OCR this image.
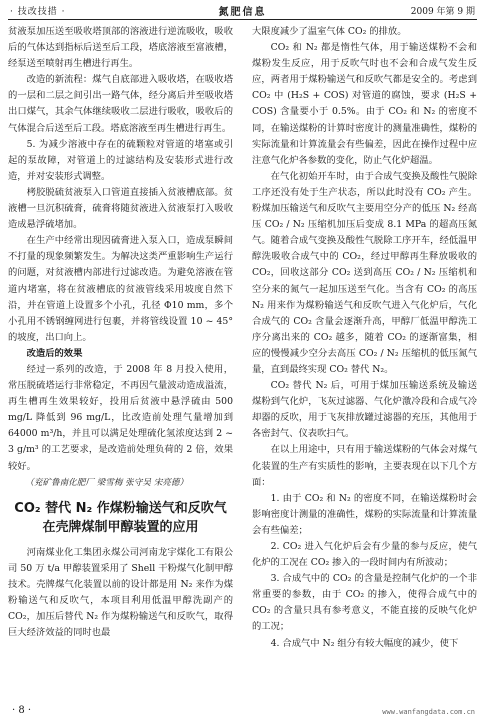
· 技改技措 ·	氮肥信息	2009 年第 9 期

贫液泵加压送至吸收塔顶部的溶液进行逆流吸收，吸收后的气体达到指标后送至后工段，塔底溶液至富液槽，经泵送至喷射再生槽进行再生。

改造的新流程：煤气自底部进入吸收塔，在吸收塔的一层和二层之间引出一路气体，经分离后并至吸收塔出口煤气，其余气体继续吸收二层进行吸收，吸收后的气体混合后送至后工段。塔底溶液至再生槽进行再生。

5. 为减少溶液中存在的硫颗粒对管道的堵塞或引起的泵故障，对管道上的过滤结构及安装形式进行改造，并对安装形式调整。

栲胶脱硫贫液泵入口管道直接插入贫液槽底部。贫液槽一旦沉积硫膏，硫膏将随贫液进入贫液泵打入吸收造成悬浮硫堵加。

在生产中经常出现因硫膏进入泵入口，造成泵瞬间不打量的现象频繁发生。为解决这类严重影响生产运行的问题，对贫液槽内部进行过滤改造。为避免溶液在管道内堵塞，将在贫液槽底的贫液管线采用坡度自然下沿，并在管道上设置多个小孔，孔径 Φ10 mm，多个小孔用不锈钢缠网进行包裹，并将管线设置 10 ~ 45° 的坡度，出口向上。

改造后的效果

经过一系列的改造，于 2008 年 8 月投入使用，常压脱硫塔运行非常稳定，不再因气量波动造成溢流，再生槽再生效果较好，投用后贫液中悬浮硫由 500 mg/L 降低到 96 mg/L，比改造前处理气量增加到 64000 m³/h，并且可以满足处理硫化氢浓度达到 2 ~ 3 g/m³ 的工艺要求，是改造前处理负荷的 2 倍，效果较好。

（兖矿鲁南化肥厂 梁雪梅 张守吴 宋亮德）

CO₂ 替代 N₂ 作煤粉输送气和反吹气
在壳牌煤制甲醇装置的应用

河南煤业化工集团永煤公司河南龙宇煤化工有限公司 50 万 t/a 甲醇装置采用了 Shell 干粉煤气化制甲醇技术。壳牌煤气化装置以前的设计都是用 N₂ 来作为煤粉输送气和反吹气，本项目利用低温甲醇洗副产的 CO₂，加压后替代 N₂ 作为煤粉输送气和反吹气，取得巨大经济效益的同时也最

大限度减少了温室气体 CO₂ 的排放。

CO₂ 和 N₂ 都是惰性气体，用于输送煤粉不会和煤粉发生反应，用于反吹气时也不会和合成气发生反应，两者用于煤粉输送气和反吹气都是安全的。考虑到 CO₂ 中 (H₂S + COS) 对管道的腐蚀，要求 (H₂S + COS) 含量要小于 0.5%。由于 CO₂ 和 N₂ 的密度不同，在输送煤粉的计算时密度计的测量准确性，煤粉的实际流量和计算流量会有些偏差，因此在操作过程中应注意气化炉各参数的变化，防止气化炉超温。

在气化初始开车时，由于合成气变换及酸性气脱除工序还没有处于生产状态，所以此时没有 CO₂ 产生。粉煤加压输送气和反吹气主要用空分产的低压 N₂ 经高压 CO₂ / N₂ 压缩机加压后变成 8.1 MPa 的超高压氮气。随着合成气变换及酸性气脱除工序开车，经低温甲醇洗吸收合成气中的 CO₂，经过甲醇再生释放吸收的 CO₂，回收这部分 CO₂ 送到高压 CO₂ / N₂ 压缩机和空分来的氮气一起加压送至气化。当含有 CO₂ 的高压 N₂ 用来作为煤粉输送气和反吹气进入气化炉后，气化合成气的 CO₂ 含量会逐渐升高，甲醇厂低温甲醇洗工序分离出来的 CO₂ 越多，随着 CO₂ 的逐渐富集，相应的慢慢减少空分去高压 CO₂ / N₂ 压缩机的低压氮气量，直到最终实现 CO₂ 替代 N₂。

CO₂ 替代 N₂ 后，可用于煤加压输送系统及输送煤粉到气化炉，飞灰过滤器、气化炉激冷段和合成气冷却器的反吹，用于飞灰排放罐过滤器的充压，其他用于各密封气、仪表吹扫气。

在以上用途中，只有用于输送煤粉的气体会对煤气化装置的生产有实质性的影响，主要表现在以下几个方面：

1. 由于 CO₂ 和 N₂ 的密度不同，在输送煤粉时会影响密度计测量的准确性，煤粉的实际流量和计算流量会有些偏差；

2. CO₂ 进入气化炉后会有少量的参与反应，使气化炉的工况在 CO₂ 掺入的一段时间内有所波动；

3. 合成气中的 CO₂ 的含量是控制气化炉的一个非常重要的参数，由于 CO₂ 的掺入，使得合成气中的 CO₂ 的含量只具有参考意义，不能直接的反映气化炉的工况；

4. 合成气中 N₂ 组分有较大幅度的减少，使下

· 8 ·	www.wanfangdata.com.cn
